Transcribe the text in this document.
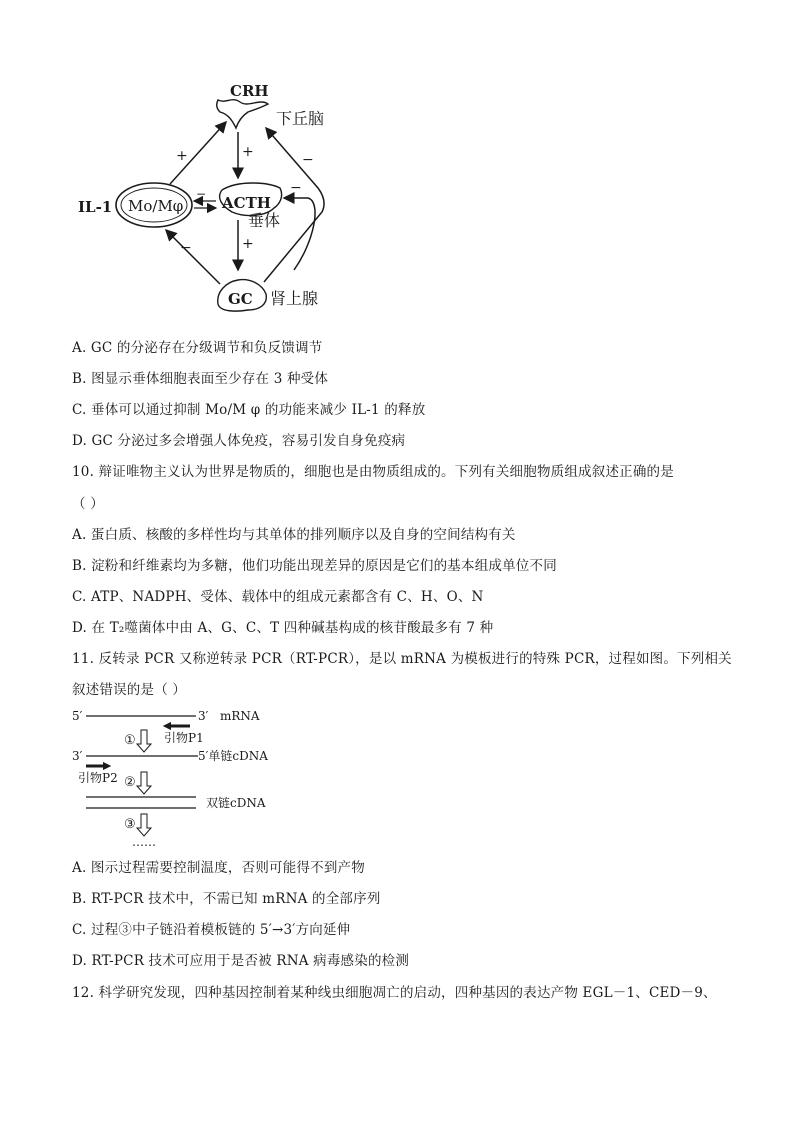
CRH
下丘脑
IL-1 Mo/Mφ	ACTH
垂体
GC 肾上腺
+	+
+
−
−
−
−
A. GC 的分泌存在分级调节和负反馈调节
B. 图显示垂体细胞表面至少存在 3 种受体
C. 垂体可以通过抑制 Mo/M φ 的功能来减少 IL-1 的释放
D. GC 分泌过多会增强人体免疫，容易引发自身免疫病
10. 辩证唯物主义认为世界是物质的，细胞也是由物质组成的。下列有关细胞物质组成叙述正确的是
（ ）
A. 蛋白质、核酸的多样性均与其单体的排列顺序以及自身的空间结构有关
B. 淀粉和纤维素均为多糖，他们功能出现差异的原因是它们的基本组成单位不同
C. ATP、NADPH、受体、载体中的组成元素都含有 C、H、O、N
D. 在 T₂噬菌体中由 A、G、C、T 四种碱基构成的核苷酸最多有 7 种
11. 反转录 PCR 又称逆转录 PCR（RT-PCR），是以 mRNA 为模板进行的特殊 PCR，过程如图。下列相关
叙述错误的是（ ）
5′	3′ mRNA
引物P1
①
3′	5′单链cDNA
引物P2 ②
双链cDNA
③
……
A. 图示过程需要控制温度，否则可能得不到产物
B. RT-PCR 技术中，不需已知 mRNA 的全部序列
C. 过程③中子链沿着模板链的 5′→3′方向延伸
D. RT-PCR 技术可应用于是否被 RNA 病毒感染的检测
12. 科学研究发现，四种基因控制着某种线虫细胞凋亡的启动，四种基因的表达产物 EGL－1、CED－9、
